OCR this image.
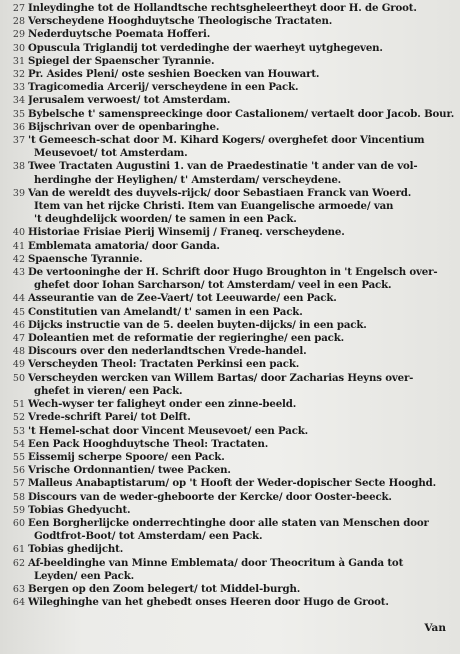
27 Inleydinghe tot de Hollandtsche rechtsgheleertheyt door H. de Groot.
28 Verscheydene Hooghduytsche Theologische Tractaten.
29 Nederduytsche Poemata Hofferi.
30 Opuscula Triglandij tot verdedinghe der waerheyt uytghegeven.
31 Spiegel der Spaenscher Tyrannie.
32 Pr. Asides Pleni/ oste seshien Boecken van Houwart.
33 Tragicomedia Arcerij/ verscheydene in een Pack.
34 Jerusalem verwoest/ tot Amsterdam.
35 Bybelsche t' samenspreeckinge door Castalionem/ vertaelt door Jacob. Bour.
36 Bijschrivan over de openbaringhe.
37 't Gemeesch-schat door M. Kihard Kogers/ overghefet door Vincentium
Meusevoet/ tot Amsterdam.
38 Twee Tractaten Augustini 1. van de Praedestinatie 't ander van de vol-
herdinghe der Heylighen/ t' Amsterdam/ verscheydene.
39 Van de wereldt des duyvels-rijck/ door Sebastiaen Franck van Woerd.
Item van het rijcke Christi. Item van Euangelische armoede/ van
't deughdelijck woorden/ te samen in een Pack.
40 Historiae Frisiae Pierij Winsemij / Franeq. verscheydene.
41 Emblemata amatoria/ door Ganda.
42 Spaensche Tyrannie.
43 De vertooninghe der H. Schrift door Hugo Broughton in 't Engelsch over-
ghefet door Iohan Sarcharson/ tot Amsterdam/ veel in een Pack.
44 Asseurantie van de Zee-Vaert/ tot Leeuwarde/ een Pack.
45 Constitutien van Amelandt/ t' samen in een Pack.
46 Dijcks instructie van de 5. deelen buyten-dijcks/ in een pack.
47 Doleantien met de reformatie der regieringhe/ een pack.
48 Discours over den nederlandtschen Vrede-handel.
49 Verscheyden Theol: Tractaten Perkinsi een pack.
50 Verscheyden wercken van Willem Bartas/ door Zacharias Heyns over-
ghefet in vieren/ een Pack.
51 Wech-wyser ter faligheyt onder een zinne-beeld.
52 Vrede-schrift Parei/ tot Delft.
53 't Hemel-schat door Vincent Meusevoet/ een Pack.
54 Een Pack Hooghduytsche Theol: Tractaten.
55 Eissemij scherpe Spoore/ een Pack.
56 Vrische Ordonnantien/ twee Packen.
57 Malleus Anabaptistarum/ op 't Hooft der Weder-dopischer Secte Hooghd.
58 Discours van de weder-gheboorte der Kercke/ door Ooster-beeck.
59 Tobias Ghedyucht.
60 Een Borgherlijcke onderrechtinghe door alle staten van Menschen door
Godtfrot-Boot/ tot Amsterdam/ een Pack.
61 Tobias ghedijcht.
62 Af-beeldinghe van Minne Emblemata/ door Theocritum à Ganda tot
Leyden/ een Pack.
63 Bergen op den Zoom belegert/ tot Middel-burgh.
64 Wileghinghe van het ghebedt onses Heeren door Hugo de Groot.
Van
